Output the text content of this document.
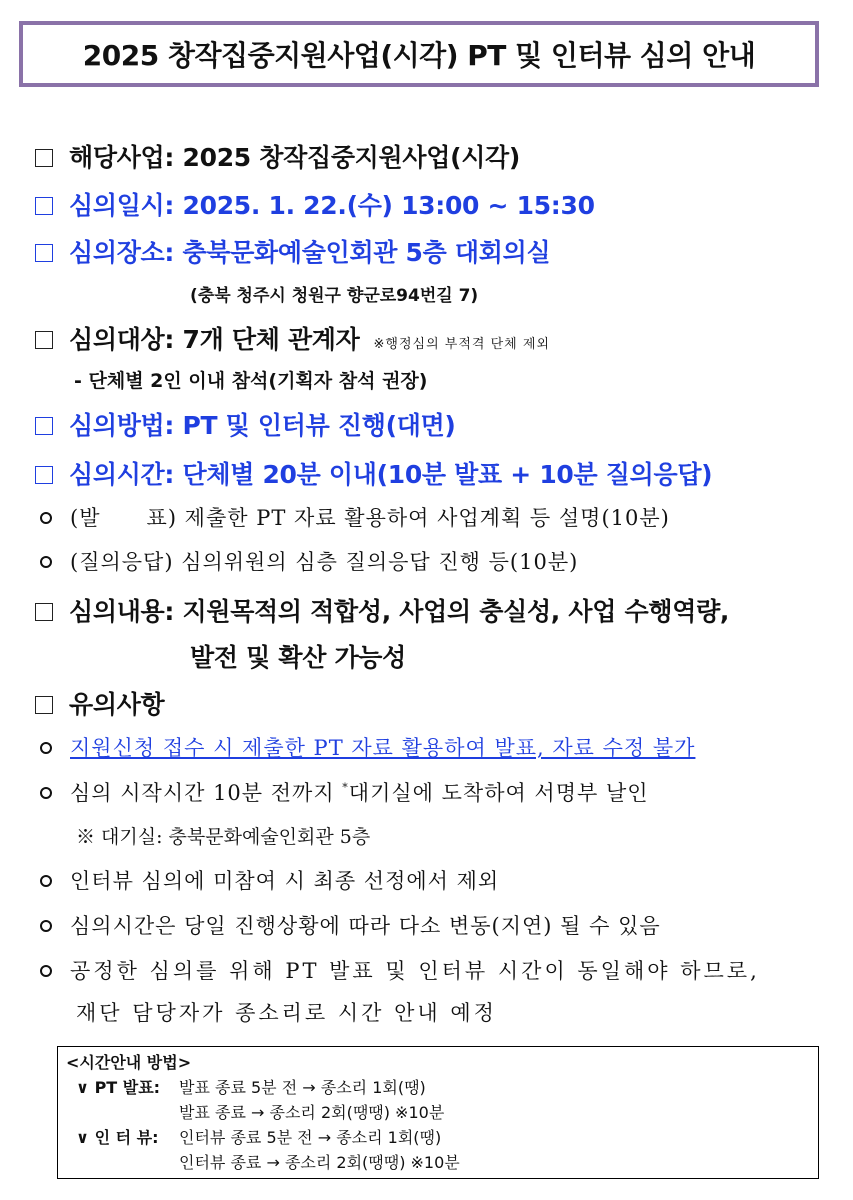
2025 창작집중지원사업(시각) PT 및 인터뷰 심의 안내
해당사업: 2025 창작집중지원사업(시각)
심의일시: 2025. 1. 22.(수) 13:00 ~ 15:30
심의장소: 충북문화예술인회관 5층 대회의실
(충북 청주시 청원구 향군로94번길 7)
심의대상: 7개 단체 관계자 ※행정심의 부적격 단체 제외
- 단체별 2인 이내 참석(기획자 참석 권장)
심의방법: PT 및 인터뷰 진행(대면)
심의시간: 단체별 20분 이내(10분 발표 + 10분 질의응답)
(발      표) 제출한 PT 자료 활용하여 사업계획 등 설명(10분)
(질의응답) 심의위원의 심층 질의응답 진행 등(10분)
심의내용: 지원목적의 적합성, 사업의 충실성, 사업 수행역량,
발전 및 확산 가능성
유의사항
지원신청 접수 시 제출한 PT 자료 활용하여 발표, 자료 수정 불가
심의 시작시간 10분 전까지 *대기실에 도착하여 서명부 날인
※ 대기실: 충북문화예술인회관 5층
인터뷰 심의에 미참여 시 최종 선정에서 제외
심의시간은 당일 진행상황에 따라 다소 변동(지연) 될 수 있음
공정한 심의를 위해 PT 발표 및 인터뷰 시간이 동일해야 하므로,
재단 담당자가 종소리로 시간 안내 예정
<시간안내 방법>
∨ PT 발표: 발표 종료 5분 전 → 종소리 1회(땡)
발표 종료 → 종소리 2회(땡땡) ※10분
∨ 인 터 뷰: 인터뷰 종료 5분 전 → 종소리 1회(땡)
인터뷰 종료 → 종소리 2회(땡땡) ※10분
